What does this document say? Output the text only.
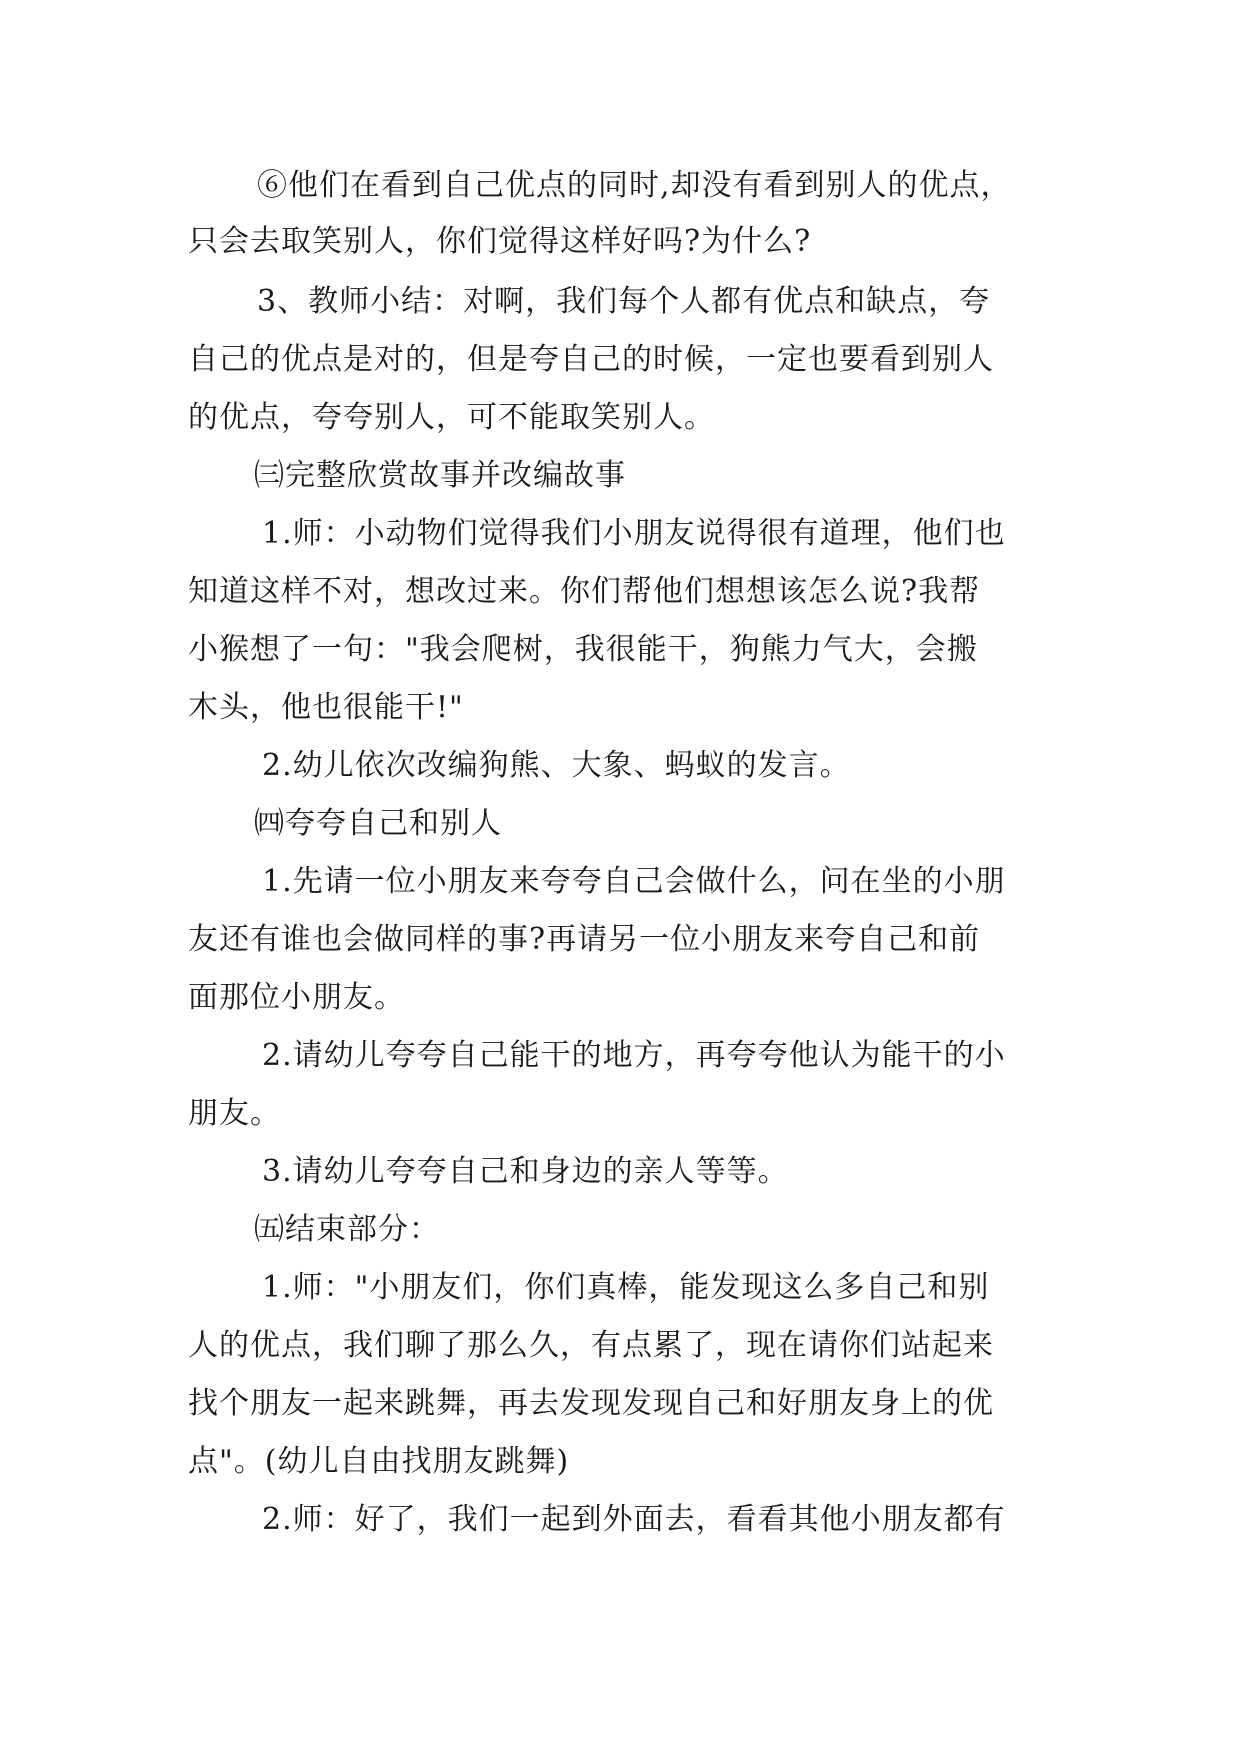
⑥他们在看到自己优点的同时,却没有看到别人的优点，
只会去取笑别人，你们觉得这样好吗?为什么?
3、教师小结：对啊，我们每个人都有优点和缺点，夸
自己的优点是对的，但是夸自己的时候，一定也要看到别人
的优点，夸夸别人，可不能取笑别人。
㈢完整欣赏故事并改编故事
1.师：小动物们觉得我们小朋友说得很有道理，他们也
知道这样不对，想改过来。你们帮他们想想该怎么说?我帮
小猴想了一句："我会爬树，我很能干，狗熊力气大，会搬
木头，他也很能干!"
2.幼儿依次改编狗熊、大象、蚂蚁的发言。
㈣夸夸自己和别人
1.先请一位小朋友来夸夸自己会做什么，问在坐的小朋
友还有谁也会做同样的事?再请另一位小朋友来夸自己和前
面那位小朋友。
2.请幼儿夸夸自己能干的地方，再夸夸他认为能干的小
朋友。
3.请幼儿夸夸自己和身边的亲人等等。
㈤结束部分：
1.师："小朋友们，你们真棒，能发现这么多自己和别
人的优点，我们聊了那么久，有点累了，现在请你们站起来
找个朋友一起来跳舞，再去发现发现自己和好朋友身上的优
点"。(幼儿自由找朋友跳舞)
2.师：好了，我们一起到外面去，看看其他小朋友都有
